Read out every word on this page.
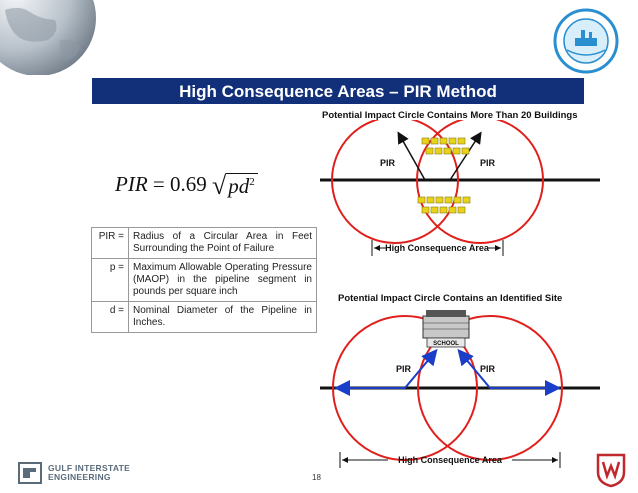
High Consequence Areas – PIR Method
PIR = 0.69 $√pd^2$
PIR =	Radius of a Circular Area in Feet Surrounding the Point of Failure
p =	Maximum Allowable Operating Pressure (MAOP) in the pipeline segment in pounds per square inch
d =	Nominal Diameter of the Pipeline in Inches.
Potential Impact Circle Contains More Than 20 Buildings
Potential Impact Circle Contains an Identified Site
PIR	PIR
High Consequence Area
SCHOOL
PIR	PIR
High Consequence Area
GULF INTERSTATE
ENGINEERING	18
